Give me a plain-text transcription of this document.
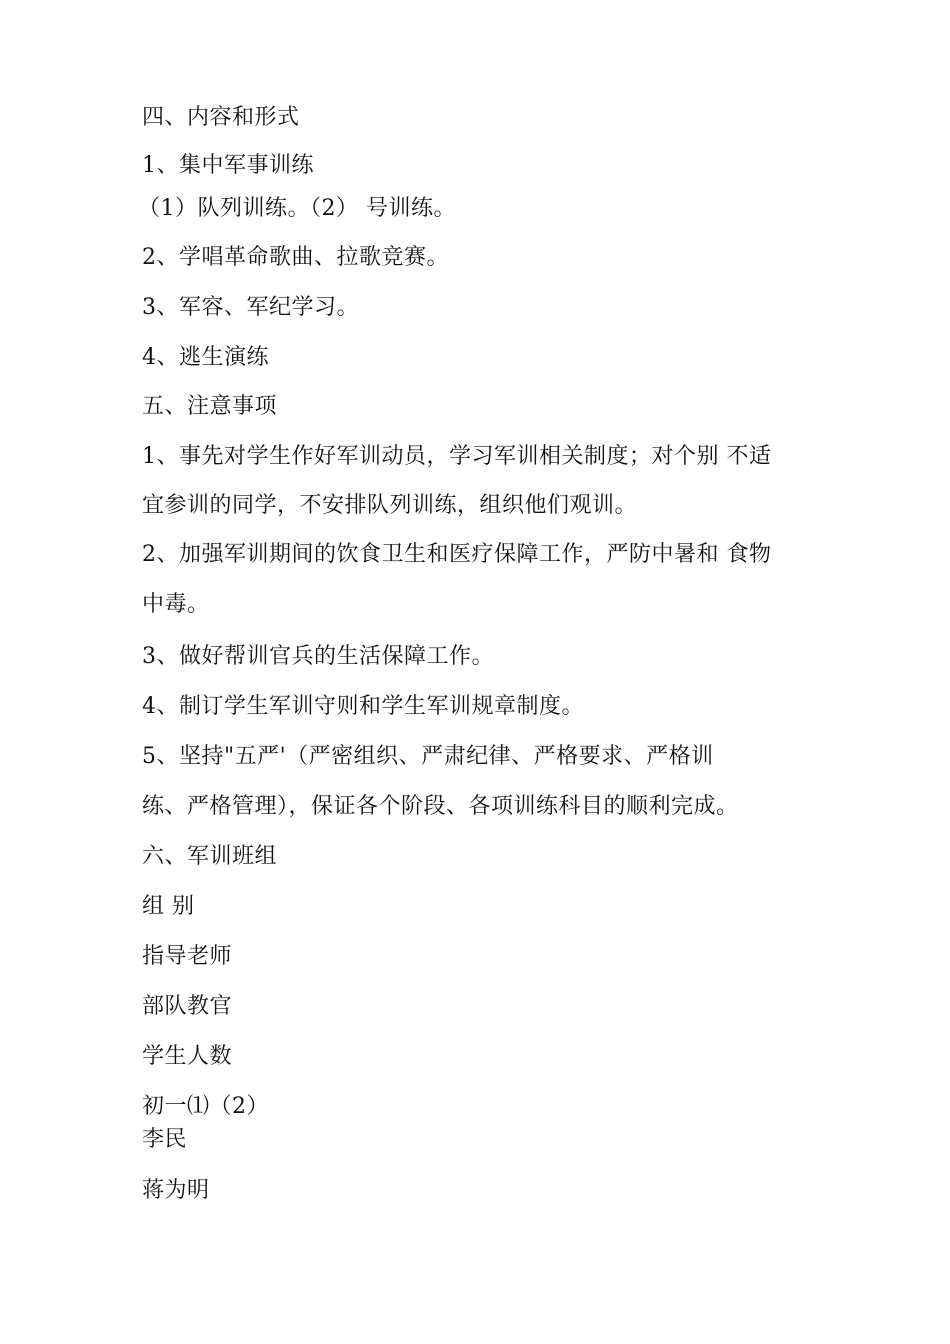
四、内容和形式
1、集中军事训练
（1）队列训练。（2） 号训练。
2、学唱革命歌曲、拉歌竞赛。
3、军容、军纪学习。
4、逃生演练
五、注意事项
1、事先对学生作好军训动员，学习军训相关制度；对个别 不适
宜参训的同学，不安排队列训练，组织他们观训。
2、加强军训期间的饮食卫生和医疗保障工作，严防中暑和 食物
中毒。
3、做好帮训官兵的生活保障工作。
4、制订学生军训守则和学生军训规章制度。
5、坚持"五严'（严密组织、严肃纪律、严格要求、严格训
练、严格管理），保证各个阶段、各项训练科目的顺利完成。
六、军训班组
组 别
指导老师
部队教官
学生人数
初一⑴（2）
李民
蒋为明
